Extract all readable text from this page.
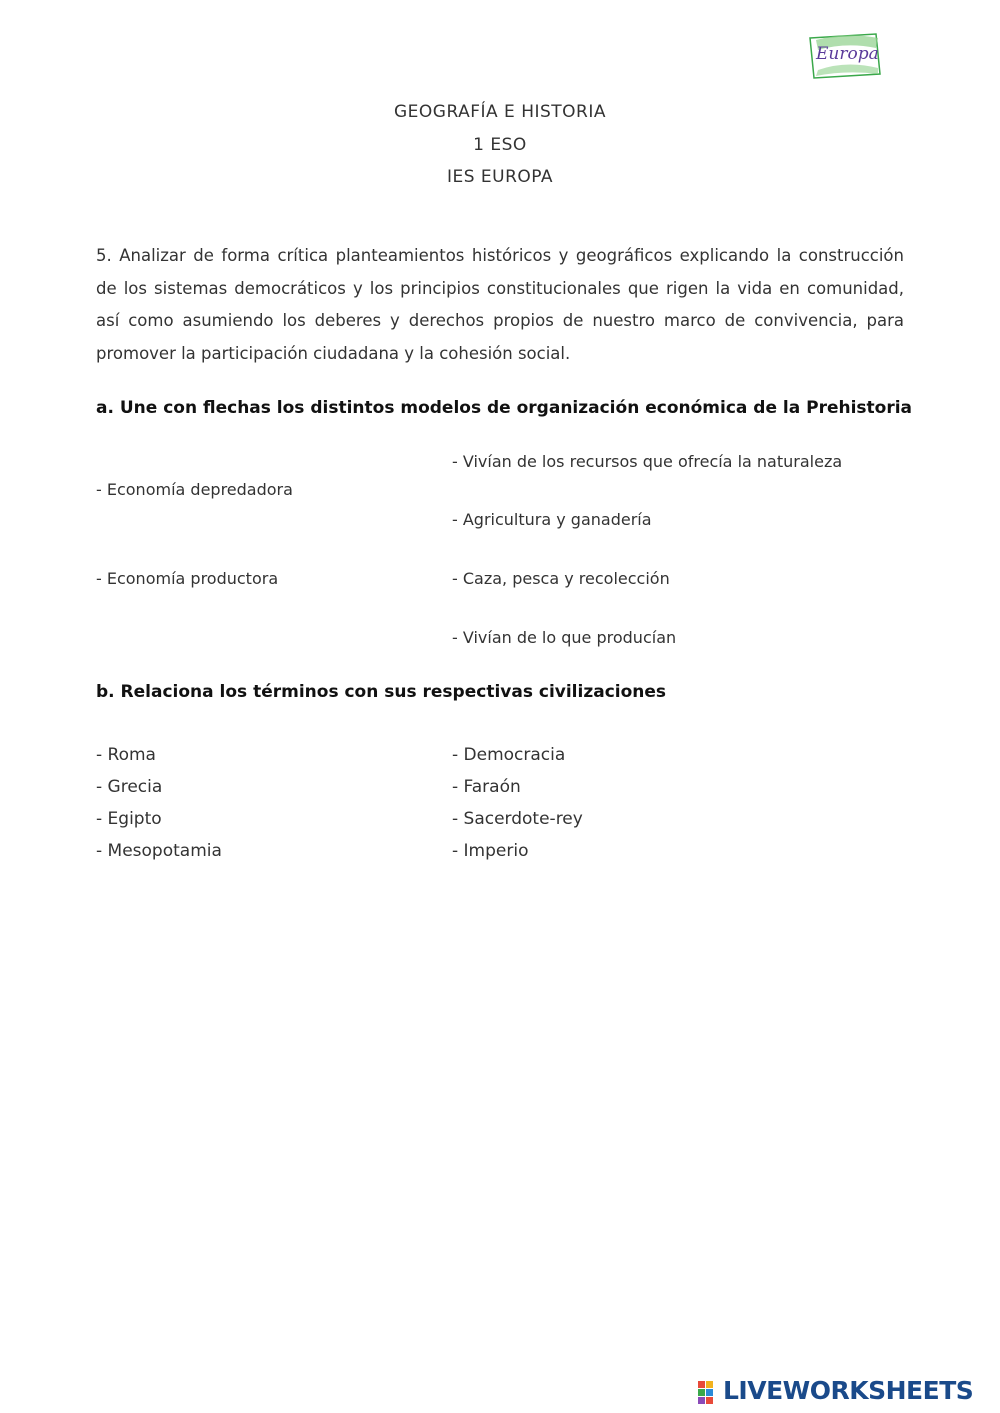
Europa
GEOGRAFÍA E HISTORIA
1 ESO
IES EUROPA
5. Analizar de forma crítica planteamientos históricos y geográficos explicando la construcción de los sistemas democráticos y los principios constitucionales que rigen la vida en comunidad, así como asumiendo los deberes y derechos propios de nuestro marco de convivencia, para promover la participación ciudadana y la cohesión social.
a. Une con flechas los distintos modelos de organización económica de la Prehistoria
- Economía depredadora
- Economía productora
- Vivían de los recursos que ofrecía la naturaleza
- Agricultura y ganadería
- Caza, pesca y recolección
- Vivían de lo que producían
b. Relaciona los términos con sus respectivas civilizaciones
- Roma
- Grecia
- Egipto
- Mesopotamia
- Democracia
- Faraón
- Sacerdote-rey
- Imperio
LIVEWORKSHEETS
